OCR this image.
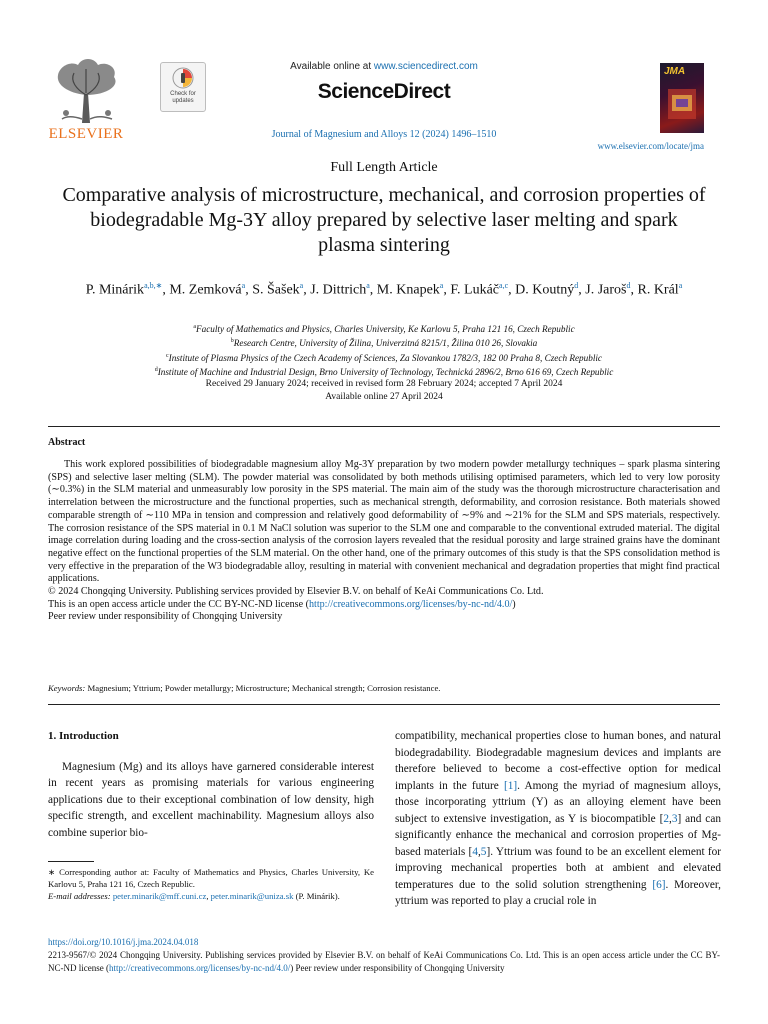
ELSEVIER
Check for updates
Available online at www.sciencedirect.com
ScienceDirect
Journal of Magnesium and Alloys 12 (2024) 1496–1510
JMA
www.elsevier.com/locate/jma
Full Length Article
Comparative analysis of microstructure, mechanical, and corrosion properties of biodegradable Mg-3Y alloy prepared by selective laser melting and spark plasma sintering
P. Minárik$^{a,b,∗}$, M. Zemková$^a$, S. Šašek$^a$, J. Dittrich$^a$, M. Knapek$^a$, F. Lukáč$^{a,c}$, D. Koutný$^d$, J. Jaroš$^d$, R. Král$^a$
$^a$Faculty of Mathematics and Physics, Charles University, Ke Karlovu 5, Praha 121 16, Czech Republic
$^b$Research Centre, University of Žilina, Univerzitná 8215/1, Žilina 010 26, Slovakia
$^c$Institute of Plasma Physics of the Czech Academy of Sciences, Za Slovankou 1782/3, 182 00 Praha 8, Czech Republic
$^d$Institute of Machine and Industrial Design, Brno University of Technology, Technická 2896/2, Brno 616 69, Czech Republic
Received 29 January 2024; received in revised form 28 February 2024; accepted 7 April 2024
Available online 27 April 2024
Abstract

This work explored possibilities of biodegradable magnesium alloy Mg-3Y preparation by two modern powder metallurgy techniques – spark plasma sintering (SPS) and selective laser melting (SLM). The powder material was consolidated by both methods utilising optimised parameters, which led to very low porosity (∼0.3%) in the SLM material and unmeasurably low porosity in the SPS material. The main aim of the study was the thorough microstructure characterisation and interrelation between the microstructure and the functional properties, such as mechanical strength, deformability, and corrosion resistance. Both materials showed comparable strength of ∼110 MPa in tension and compression and relatively good deformability of ∼9% and ∼21% for the SLM and SPS materials, respectively. The corrosion resistance of the SPS material in 0.1 M NaCl solution was superior to the SLM one and comparable to the conventional extruded material. The digital image correlation during loading and the cross-section analysis of the corrosion layers revealed that the residual porosity and large strained grains have the dominant negative effect on the functional properties of the SLM material. On the other hand, one of the primary outcomes of this study is that the SPS consolidation method is very effective in the preparation of the W3 biodegradable alloy, resulting in material with convenient mechanical and degradation properties that might find practical applications.

© 2024 Chongqing University. Publishing services provided by Elsevier B.V. on behalf of KeAi Communications Co. Ltd.

This is an open access article under the CC BY-NC-ND license (http://creativecommons.org/licenses/by-nc-nd/4.0/)

Peer review under responsibility of Chongqing University

Keywords: Magnesium; Yttrium; Powder metallurgy; Microstructure; Mechanical strength; Corrosion resistance.
1. Introduction

Magnesium (Mg) and its alloys have garnered considerable interest in recent years as promising materials for various engineering applications due to their exceptional combination of low density, high specific strength, and excellent machinability. Magnesium alloys also combine superior bio-

compatibility, mechanical properties close to human bones, and natural biodegradability. Biodegradable magnesium devices and implants are therefore believed to become a cost-effective option for medical implants in the future [1]. Among the myriad of magnesium alloys, those incorporating yttrium (Y) as an alloying element have been subject to extensive investigation, as Y is biocompatible [2,3] and can significantly enhance the mechanical and corrosion properties of Mg-based materials [4,5]. Yttrium was found to be an excellent element for improving mechanical properties both at ambient and elevated temperatures due to the solid solution strengthening [6]. Moreover, yttrium was reported to play a crucial role in

∗ Corresponding author at: Faculty of Mathematics and Physics, Charles University, Ke Karlovu 5, Praha 121 16, Czech Republic.

E-mail addresses: peter.minarik@mff.cuni.cz, peter.minarik@uniza.sk (P. Minárik).

https://doi.org/10.1016/j.jma.2024.04.018

2213-9567/© 2024 Chongqing University. Publishing services provided by Elsevier B.V. on behalf of KeAi Communications Co. Ltd. This is an open access article under the CC BY-NC-ND license (http://creativecommons.org/licenses/by-nc-nd/4.0/) Peer review under responsibility of Chongqing University
